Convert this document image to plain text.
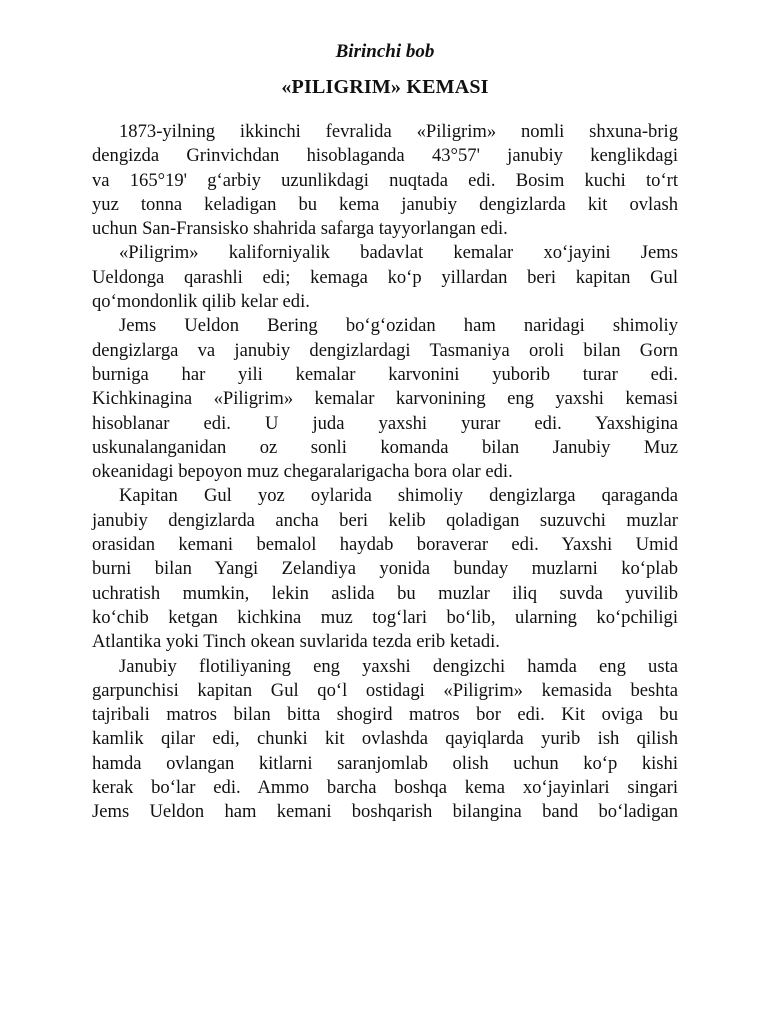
Birinchi bob
«PILIGRIM» KEMASI
1873-yilning ikkinchi fevralida «Piligrim» nomli shxuna-brig
dengizda Grinvichdan hisoblaganda 43°57' janubiy kenglikdagi
va 165°19' g‘arbiy uzunlikdagi nuqtada edi. Bosim kuchi to‘rt
yuz tonna keladigan bu kema janubiy dengizlarda kit ovlash
uchun San-Fransisko shahrida safarga tayyorlangan edi.
«Piligrim» kaliforniyalik badavlat kemalar xo‘jayini Jems
Ueldonga qarashli edi; kemaga ko‘p yillardan beri kapitan Gul
qo‘mondonlik qilib kelar edi.
Jems Ueldon Bering bo‘g‘ozidan ham naridagi shimoliy
dengizlarga va janubiy dengizlardagi Tasmaniya oroli bilan Gorn
burniga har yili kemalar karvonini yuborib turar edi.
Kichkinagina «Piligrim» kemalar karvonining eng yaxshi kemasi
hisoblanar edi. U juda yaxshi yurar edi. Yaxshigina
uskunalanganidan oz sonli komanda bilan Janubiy Muz
okeanidagi bepoyon muz chegaralarigacha bora olar edi.
Kapitan Gul yoz oylarida shimoliy dengizlarga qaraganda
janubiy dengizlarda ancha beri kelib qoladigan suzuvchi muzlar
orasidan kemani bemalol haydab boraverar edi. Yaxshi Umid
burni bilan Yangi Zelandiya yonida bunday muzlarni ko‘plab
uchratish mumkin, lekin aslida bu muzlar iliq suvda yuvilib
ko‘chib ketgan kichkina muz tog‘lari bo‘lib, ularning ko‘pchiligi
Atlantika yoki Tinch okean suvlarida tezda erib ketadi.
Janubiy flotiliyaning eng yaxshi dengizchi hamda eng usta
garpunchisi kapitan Gul qo‘l ostidagi «Piligrim» kemasida beshta
tajribali matros bilan bitta shogird matros bor edi. Kit oviga bu
kamlik qilar edi, chunki kit ovlashda qayiqlarda yurib ish qilish
hamda ovlangan kitlarni saranjomlab olish uchun ko‘p kishi
kerak bo‘lar edi. Ammo barcha boshqa kema xo‘jayinlari singari
Jems Ueldon ham kemani boshqarish bilangina band bo‘ladigan
